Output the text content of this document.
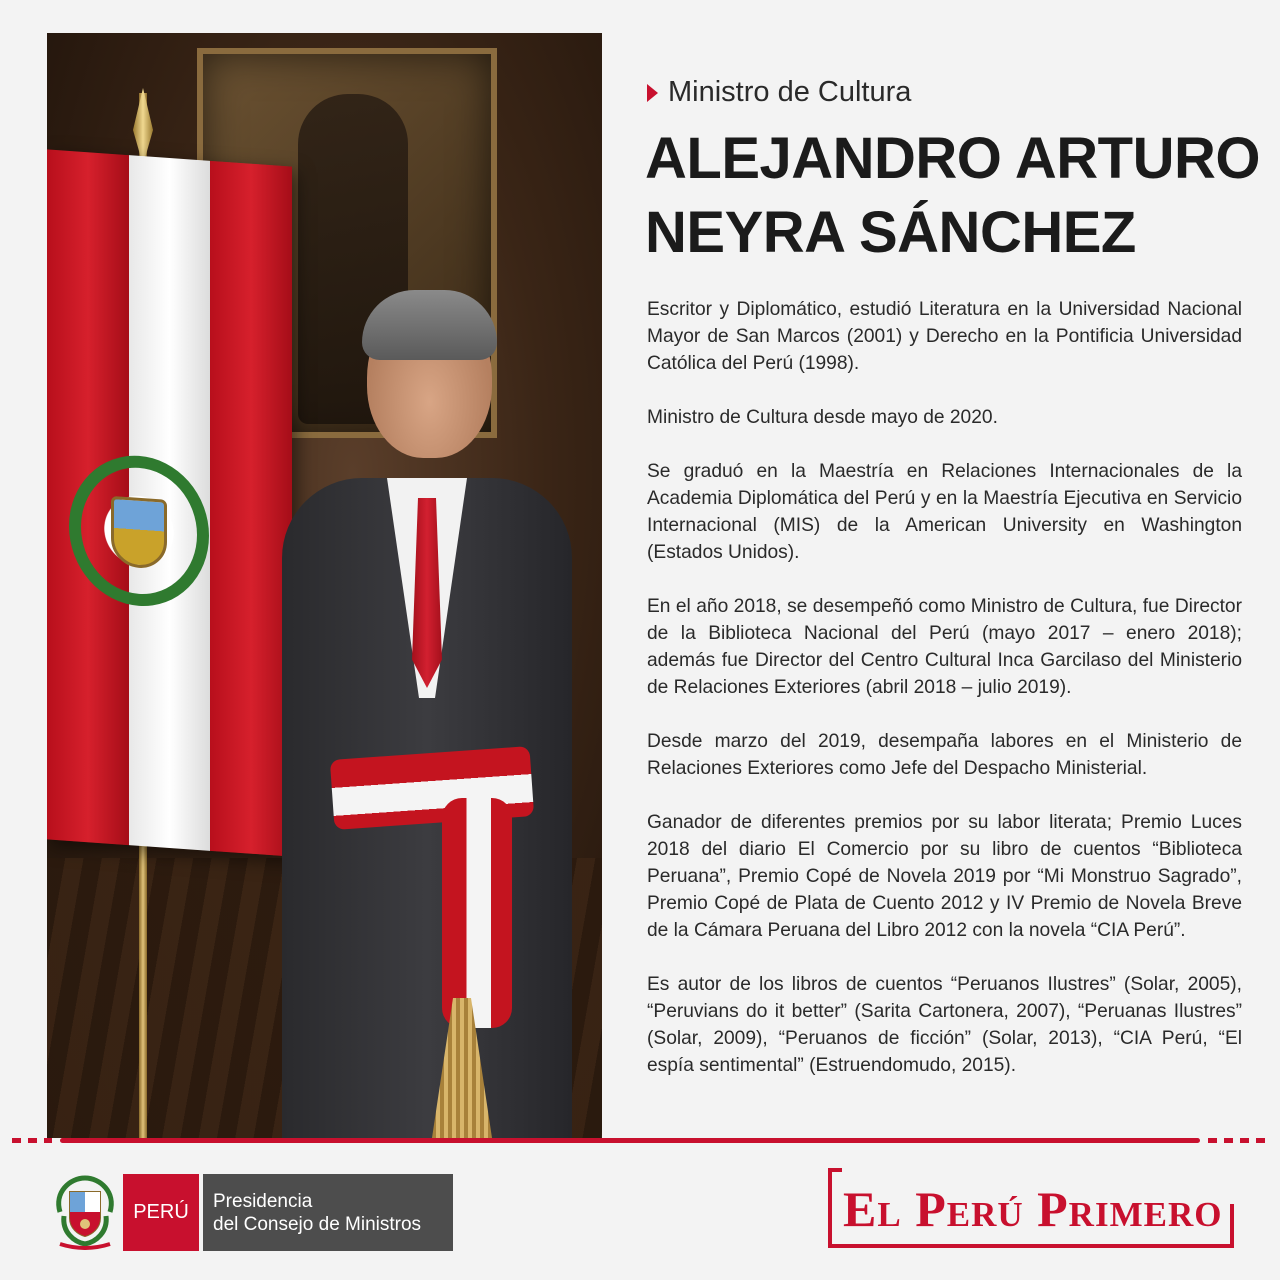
Ministro de Cultura
ALEJANDRO ARTURO
NEYRA SÁNCHEZ

Escritor y Diplomático, estudió Literatura en la Universidad Nacional Mayor de San Marcos (2001) y Derecho en la Pontificia Universidad Católica del Perú (1998).

Ministro de Cultura desde mayo de 2020.

Se graduó en la Maestría en Relaciones Internacionales de la Academia Diplomática del Perú y en la Maestría Ejecutiva en Servicio Internacional (MIS) de la American University en Washington (Estados Unidos).

En el año 2018, se desempeñó como Ministro de Cultura, fue Director de la Biblioteca Nacional del Perú (mayo 2017 – enero 2018); además fue Director del Centro Cultural Inca Garcilaso del Ministerio de Relaciones Exteriores (abril 2018 – julio 2019).

Desde marzo del 2019, desempaña labores en el Ministerio de Relaciones Exteriores como Jefe del Despacho Ministerial.

Ganador de diferentes premios por su labor literata; Premio Luces 2018 del diario El Comercio por su libro de cuentos “Biblioteca Peruana”, Premio Copé de Novela 2019 por “Mi Monstruo Sagrado”, Premio Copé de Plata de Cuento 2012 y IV Premio de Novela Breve de la Cámara Peruana del Libro 2012 con la novela “CIA Perú”.

Es autor de los libros de cuentos “Peruanos Ilustres” (Solar, 2005), “Peruvians do it better” (Sarita Cartonera, 2007), “Peruanas Ilustres” (Solar, 2009), “Peruanos de ficción” (Solar, 2013), “CIA Perú, “El espía sentimental” (Estruendomudo, 2015).

PERÚ Presidencia
del Consejo de Ministros	El Perú Primero
